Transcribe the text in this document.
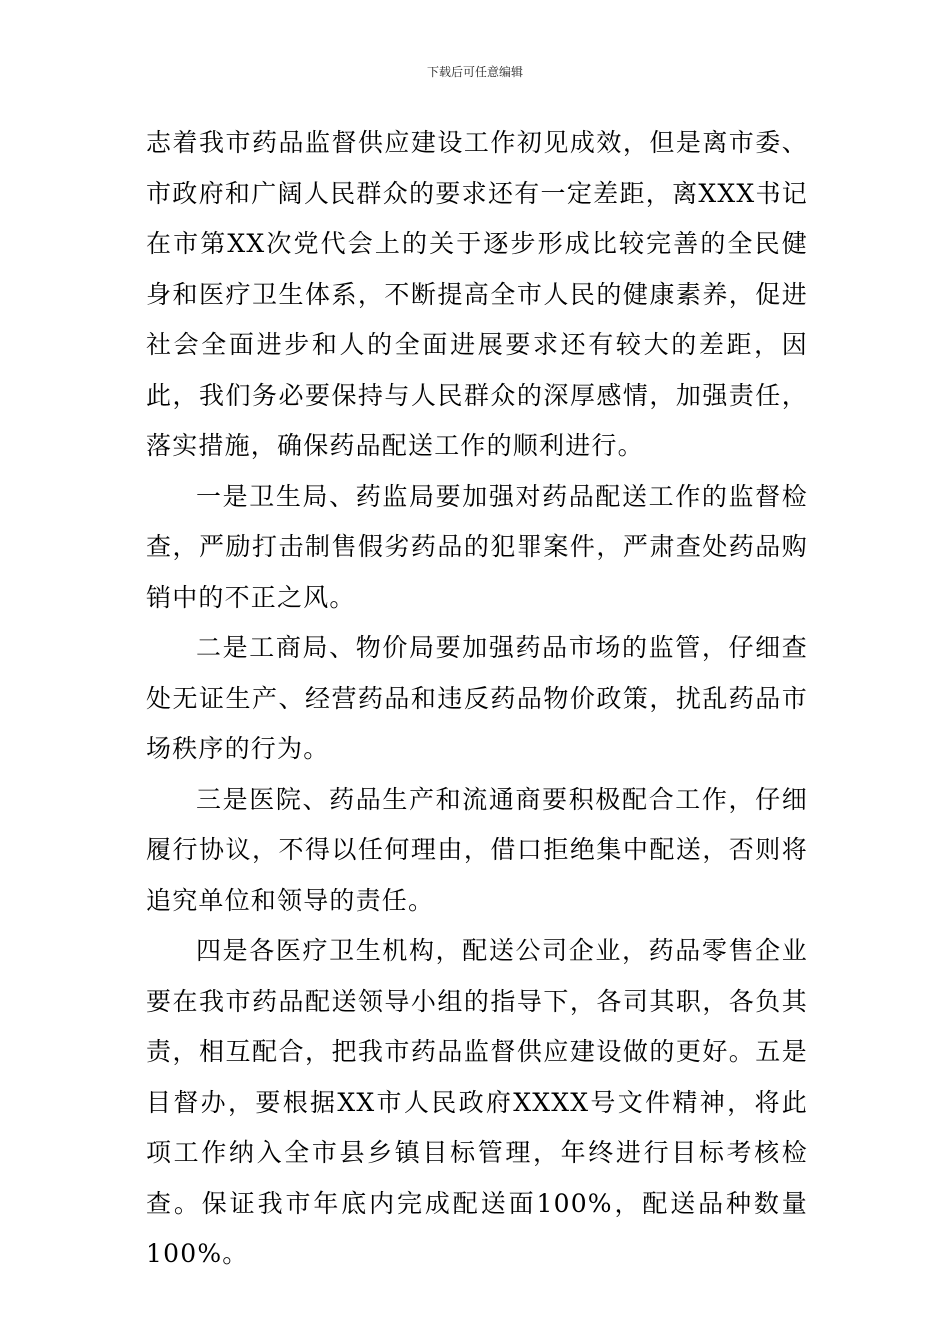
下载后可任意编辑

志着我市药品监督供应建设工作初见成效，但是离市委、市政府和广阔人民群众的要求还有一定差距，离XXX书记在市第XX次党代会上的关于逐步形成比较完善的全民健身和医疗卫生体系，不断提高全市人民的健康素养，促进社会全面进步和人的全面进展要求还有较大的差距，因此，我们务必要保持与人民群众的深厚感情，加强责任，落实措施，确保药品配送工作的顺利进行。

一是卫生局、药监局要加强对药品配送工作的监督检查，严励打击制售假劣药品的犯罪案件，严肃查处药品购销中的不正之风。

二是工商局、物价局要加强药品市场的监管，仔细查处无证生产、经营药品和违反药品物价政策，扰乱药品市场秩序的行为。

三是医院、药品生产和流通商要积极配合工作，仔细履行协议，不得以任何理由，借口拒绝集中配送，否则将追究单位和领导的责任。

四是各医疗卫生机构，配送公司企业，药品零售企业要在我市药品配送领导小组的指导下，各司其职，各负其责，相互配合，把我市药品监督供应建设做的更好。五是目督办，要根据XX市人民政府XXXX号文件精神，将此项工作纳入全市县乡镇目标管理，年终进行目标考核检查。保证我市年底内完成配送面100%，配送品种数量100%。
